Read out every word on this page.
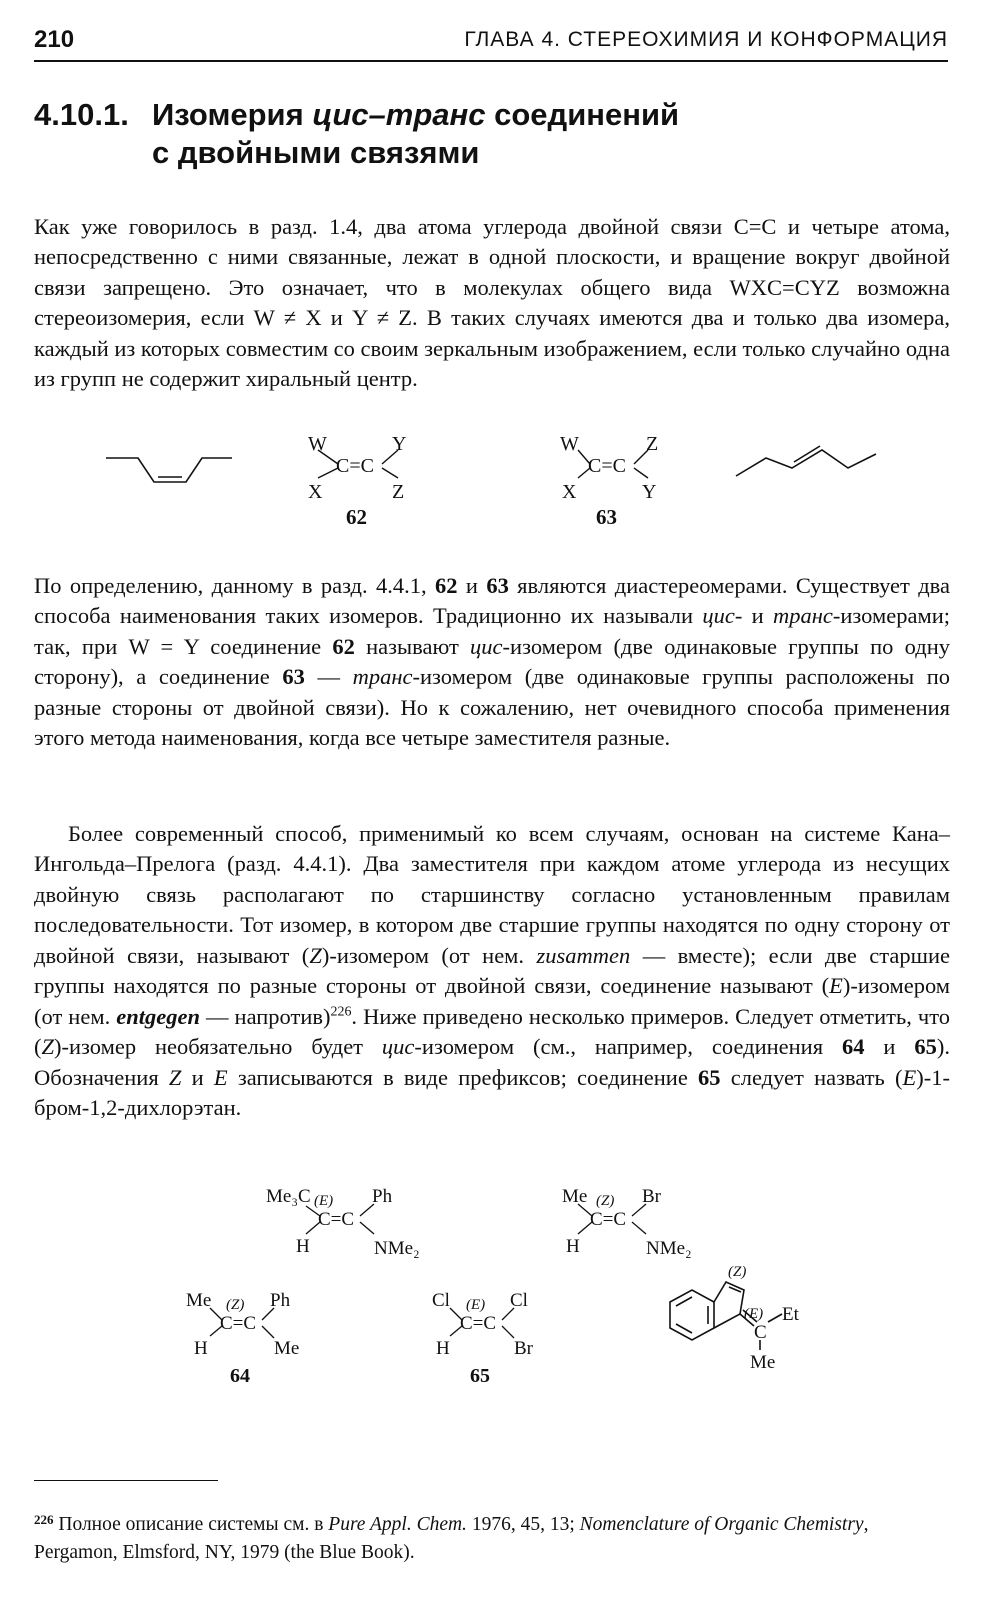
210	ГЛАВА 4. СТЕРЕОХИМИЯ И КОНФОРМАЦИЯ
4.10.1. Изомерия цис–транс соединений
с двойными связями

Как уже говорилось в разд. 1.4, два атома углерода двойной связи C=C и четыре атома, непосредственно с ними связанные, лежат в одной плоскости, и вращение вокруг двойной связи запрещено. Это означает, что в молекулах общего вида WXC=CYZ возможна стереоизомерия, если W ≠ X и Y ≠ Z. В таких случаях имеются два и только два изомера, каждый из которых совместим со своим зеркальным изображением, если только случайно одна из групп не содержит хиральный центр.

W	Y
C=C
X	Z
62
W	Z
C=C
X	Y
63

По определению, данному в разд. 4.4.1, 62 и 63 являются диастереомерами. Существует два способа наименования таких изомеров. Традиционно их называли цис- и транс-изомерами; так, при W = Y соединение 62 называют цис-изомером (две одинаковые группы по одну сторону), а соединение 63 — транс-изомером (две одинаковые группы расположены по разные стороны от двойной связи). Но к сожалению, нет очевидного способа применения этого метода наименования, когда все четыре заместителя разные.

Более современный способ, применимый ко всем случаям, основан на системе Кана–Ингольда–Прелога (разд. 4.4.1). Два заместителя при каждом атоме углерода из несущих двойную связь располагают по старшинству согласно установленным правилам последовательности. Тот изомер, в котором две старшие группы находятся по одну сторону от двойной связи, называют (Z)-изомером (от нем. zusammen — вместе); если две старшие группы находятся по разные стороны от двойной связи, соединение называют (E)-изомером (от нем. entgegen — напротив)$^{226}$. Ниже приведено несколько примеров. Следует отметить, что (Z)-изомер необязательно будет цис-изомером (см., например, соединения 64 и 65). Обозначения Z и E записываются в виде префиксов; соединение 65 следует назвать (E)-1-бром-1,2-дихлорэтан.

Me₃C (E) Ph
C=C
H	NMe₂
Me (Z) Br
C=C
H	NMe₂
Me (Z) Ph
C=C
H	Me
64
Cl (E) Cl
C=C
H	Br
65
(Z)
(E)
C
Et
Me

$^{226}$ Полное описание системы см. в Pure Appl. Chem. 1976, 45, 13; Nomenclature of Organic Chemistry, Pergamon, Elmsford, NY, 1979 (the Blue Book).
